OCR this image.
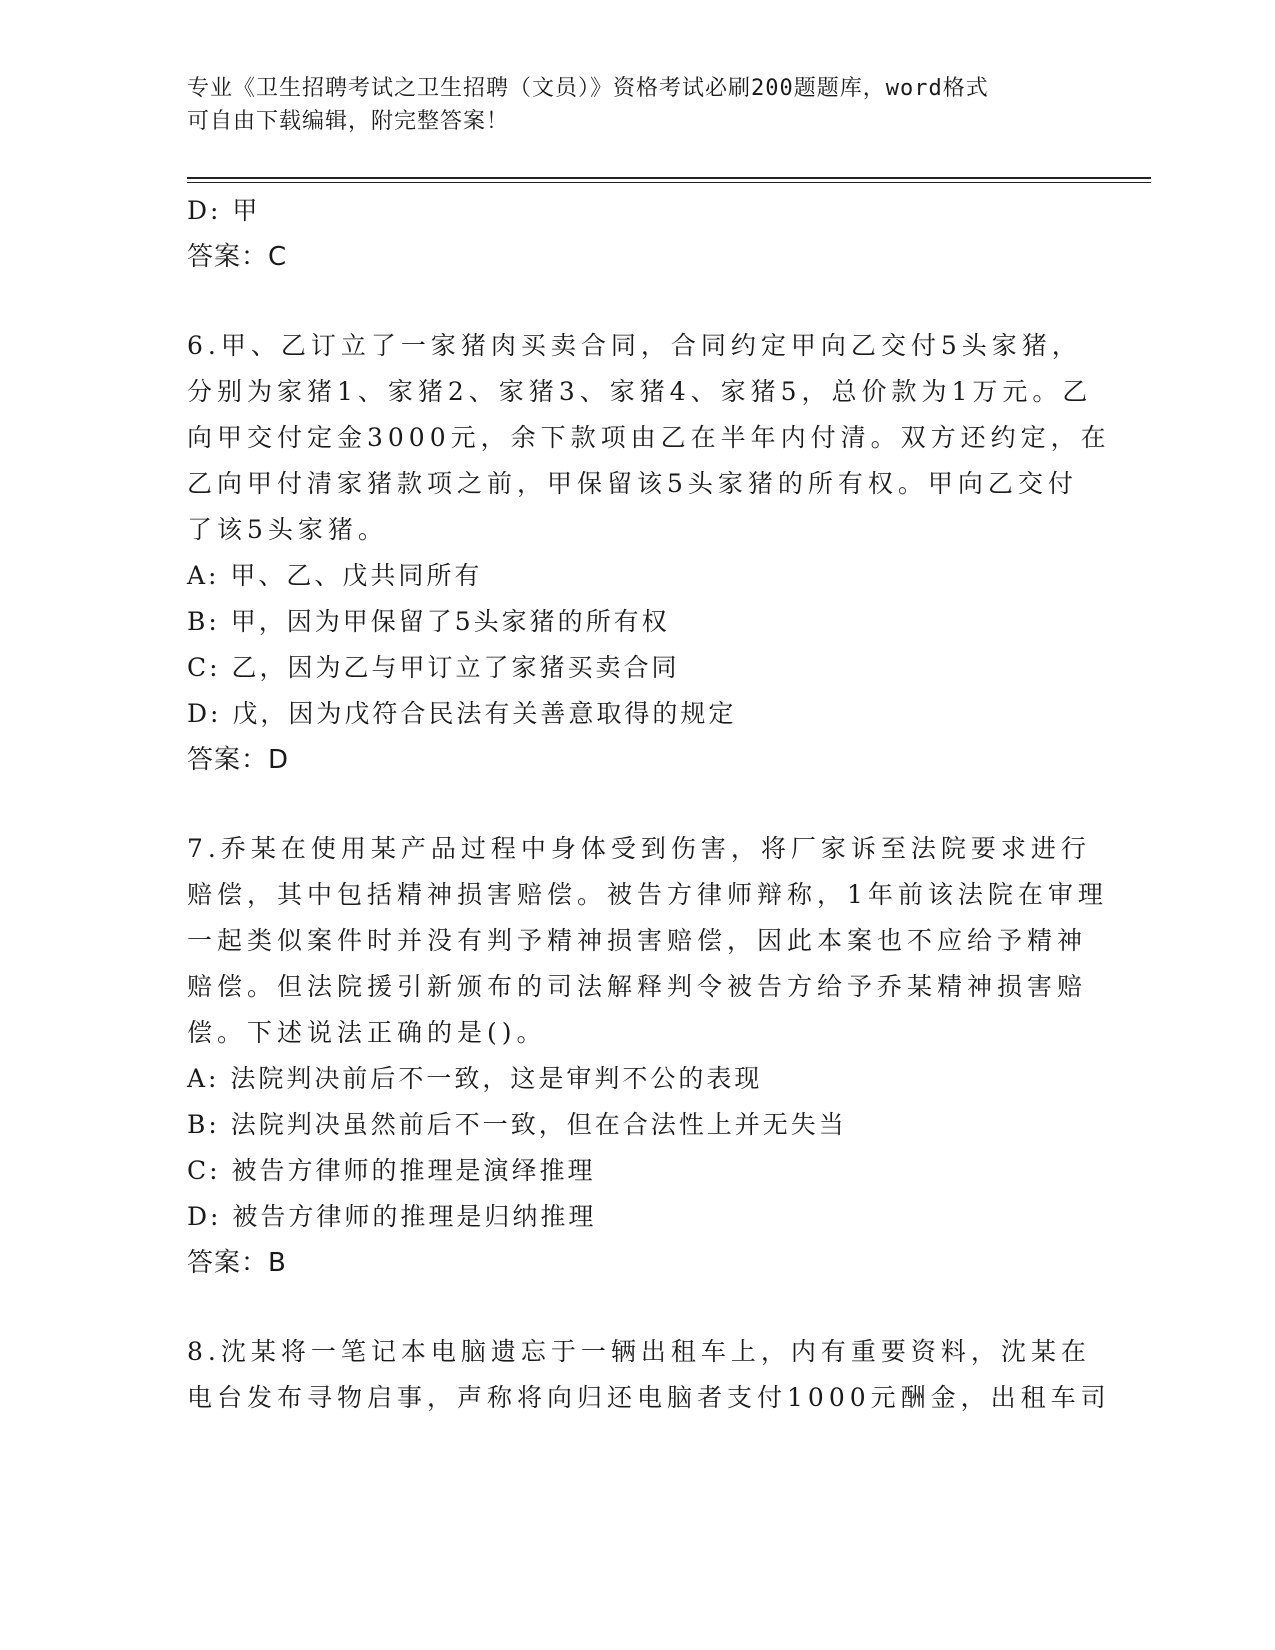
专业《卫生招聘考试之卫生招聘（文员）》资格考试必刷200题题库，word格式
可自由下载编辑，附完整答案！
D: 甲
答案：C
6.甲、乙订立了一家猪肉买卖合同，合同约定甲向乙交付5头家猪，
分别为家猪1、家猪2、家猪3、家猪4、家猪5，总价款为1万元。乙
向甲交付定金3000元，余下款项由乙在半年内付清。双方还约定，在
乙向甲付清家猪款项之前，甲保留该5头家猪的所有权。甲向乙交付
了该5头家猪。
A: 甲、乙、戊共同所有
B: 甲，因为甲保留了5头家猪的所有权
C: 乙，因为乙与甲订立了家猪买卖合同
D: 戊，因为戊符合民法有关善意取得的规定
答案：D
7.乔某在使用某产品过程中身体受到伤害，将厂家诉至法院要求进行
赔偿，其中包括精神损害赔偿。被告方律师辩称，1年前该法院在审理
一起类似案件时并没有判予精神损害赔偿，因此本案也不应给予精神
赔偿。但法院援引新颁布的司法解释判令被告方给予乔某精神损害赔
偿。下述说法正确的是()。
A: 法院判决前后不一致，这是审判不公的表现
B: 法院判决虽然前后不一致，但在合法性上并无失当
C: 被告方律师的推理是演绎推理
D: 被告方律师的推理是归纳推理
答案：B
8.沈某将一笔记本电脑遗忘于一辆出租车上，内有重要资料，沈某在
电台发布寻物启事，声称将向归还电脑者支付1000元酬金，出租车司
